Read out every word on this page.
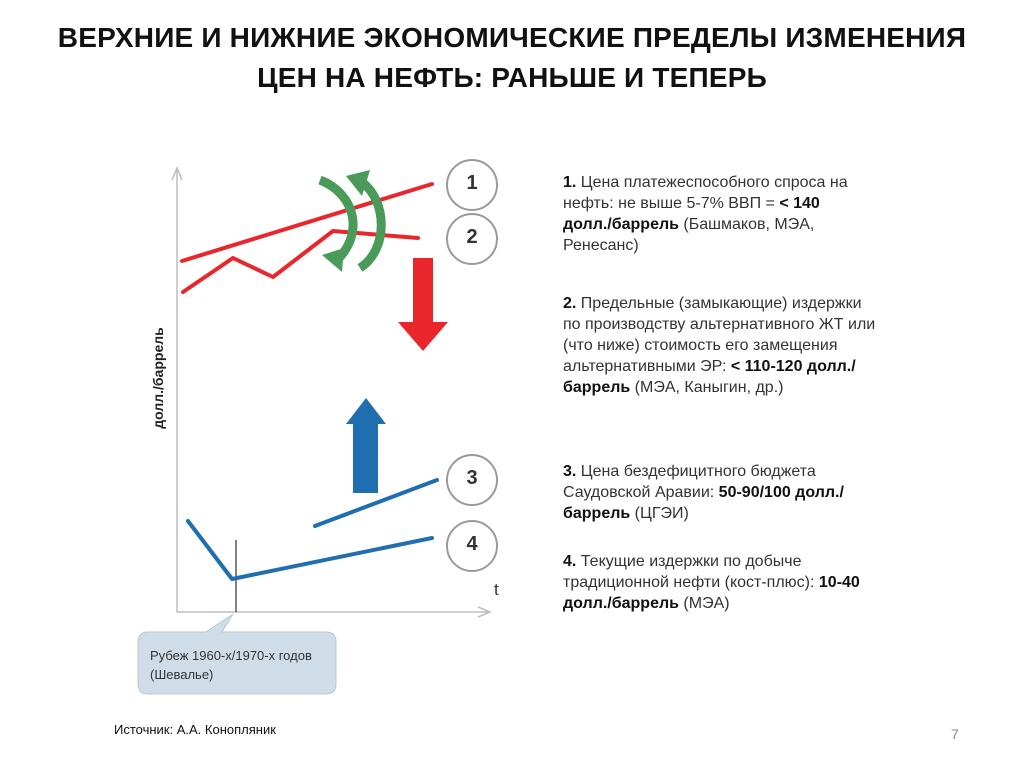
ВЕРХНИЕ И НИЖНИЕ ЭКОНОМИЧЕСКИЕ ПРЕДЕЛЫ ИЗМЕНЕНИЯ
ЦЕН НА НЕФТЬ: РАНЬШЕ И ТЕПЕРЬ
долл./баррель
t
1
2
3
4
Рубеж 1960-х/1970-х годов
(Шевалье)
1. Цена платежеспособного спроса на нефть: не выше 5-7% ВВП = < 140 долл./баррель (Башмаков, МЭА, Ренесанс)
2. Предельные (замыкающие) издержки по производству альтернативного ЖТ или (что ниже) стоимость его замещения альтернативными ЭР: < 110-120 долл./баррель (МЭА, Каныгин, др.)
3. Цена бездефицитного бюджета Саудовской Аравии: 50-90/100 долл./баррель (ЦГЭИ)
4. Текущие издержки по добыче традиционной нефти (кост-плюс): 10-40 долл./баррель (МЭА)
Источник: А.А. Конопляник	7
